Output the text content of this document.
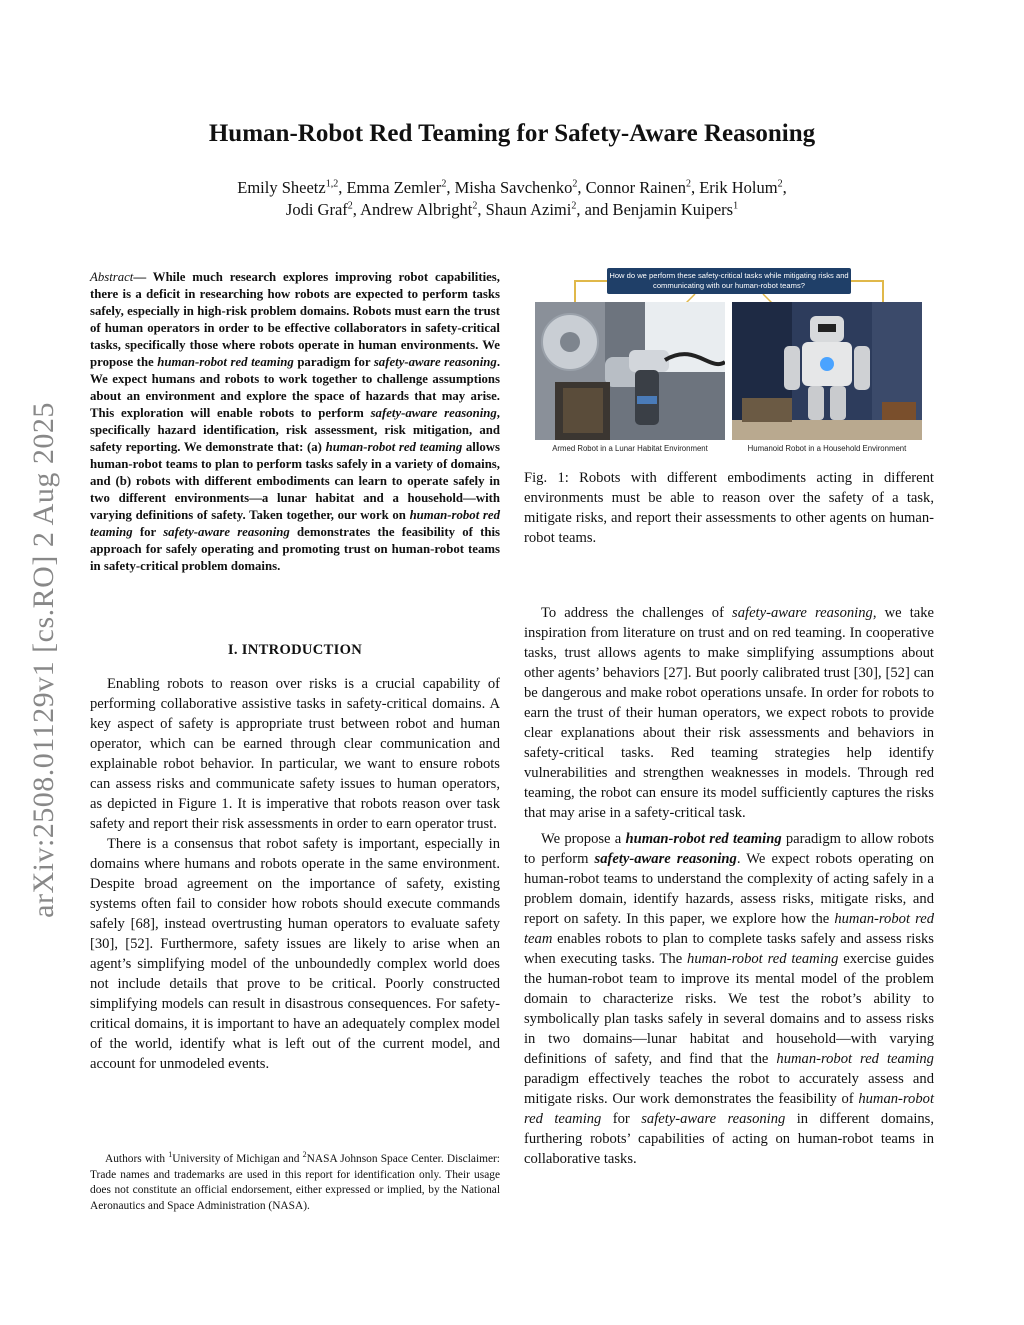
arXiv:2508.01129v1 [cs.RO] 2 Aug 2025
Human-Robot Red Teaming for Safety-Aware Reasoning
Emily Sheetz$^{1,2}$, Emma Zemler$^2$, Misha Savchenko$^2$, Connor Rainen$^2$, Erik Holum$^2$,
Jodi Graf$^2$, Andrew Albright$^2$, Shaun Azimi$^2$, and Benjamin Kuipers$^1$
Abstract— While much research explores improving robot capabilities, there is a deficit in researching how robots are expected to perform tasks safely, especially in high-risk problem domains. Robots must earn the trust of human operators in order to be effective collaborators in safety-critical tasks, specifically those where robots operate in human environments. We propose the human-robot red teaming paradigm for safety-aware reasoning. We expect humans and robots to work together to challenge assumptions about an environment and explore the space of hazards that may arise. This exploration will enable robots to perform safety-aware reasoning, specifically hazard identification, risk assessment, risk mitigation, and safety reporting. We demonstrate that: (a) human-robot red teaming allows human-robot teams to plan to perform tasks safely in a variety of domains, and (b) robots with different embodiments can learn to operate safely in two different environments—a lunar habitat and a household—with varying definitions of safety. Taken together, our work on human-robot red teaming for safety-aware reasoning demonstrates the feasibility of this approach for safely operating and promoting trust on human-robot teams in safety-critical problem domains.
I. INTRODUCTION

Enabling robots to reason over risks is a crucial capability of performing collaborative assistive tasks in safety-critical domains. A key aspect of safety is appropriate trust between robot and human operator, which can be earned through clear communication and explainable robot behavior. In particular, we want to ensure robots can assess risks and communicate safety issues to human operators, as depicted in Figure 1. It is imperative that robots reason over task safety and report their risk assessments in order to earn operator trust.

There is a consensus that robot safety is important, especially in domains where humans and robots operate in the same environment. Despite broad agreement on the importance of safety, existing systems often fail to consider how robots should execute commands safely [68], instead overtrusting human operators to evaluate safety [30], [52]. Furthermore, safety issues are likely to arise when an agent’s simplifying model of the unboundedly complex world does not include details that prove to be critical. Poorly constructed simplifying models can result in disastrous consequences. For safety-critical domains, it is important to have an adequately complex model of the world, identify what is left out of the current model, and account for unmodeled events.

Authors with $^1$University of Michigan and $^2$NASA Johnson Space Center. Disclaimer: Trade names and trademarks are used in this report for identification only. Their usage does not constitute an official endorsement, either expressed or implied, by the National Aeronautics and Space Administration (NASA).
How do we perform these safety-critical tasks while mitigating risks and communicating with our human-robot teams?
Armed Robot in a Lunar Habitat Environment	Humanoid Robot in a Household Environment
Fig. 1: Robots with different embodiments acting in different environments must be able to reason over the safety of a task, mitigate risks, and report their assessments to other agents on human-robot teams.

To address the challenges of safety-aware reasoning, we take inspiration from literature on trust and on red teaming. In cooperative tasks, trust allows agents to make simplifying assumptions about other agents’ behaviors [27]. But poorly calibrated trust [30], [52] can be dangerous and make robot operations unsafe. In order for robots to earn the trust of their human operators, we expect robots to provide clear explanations about their risk assessments and behaviors in safety-critical tasks. Red teaming strategies help identify vulnerabilities and strengthen weaknesses in models. Through red teaming, the robot can ensure its model sufficiently captures the risks that may arise in a safety-critical task.

We propose a human-robot red teaming paradigm to allow robots to perform safety-aware reasoning. We expect robots operating on human-robot teams to understand the complexity of acting safely in a problem domain, identify hazards, assess risks, mitigate risks, and report on safety. In this paper, we explore how the human-robot red team enables robots to plan to complete tasks safely and assess risks when executing tasks. The human-robot red teaming exercise guides the human-robot team to improve its mental model of the problem domain to characterize risks. We test the robot’s ability to symbolically plan tasks safely in several domains and to assess risks in two domains—lunar habitat and household—with varying definitions of safety, and find that the human-robot red teaming paradigm effectively teaches the robot to accurately assess and mitigate risks. Our work demonstrates the feasibility of human-robot red teaming for safety-aware reasoning in different domains, furthering robots’ capabilities of acting on human-robot teams in collaborative tasks.
